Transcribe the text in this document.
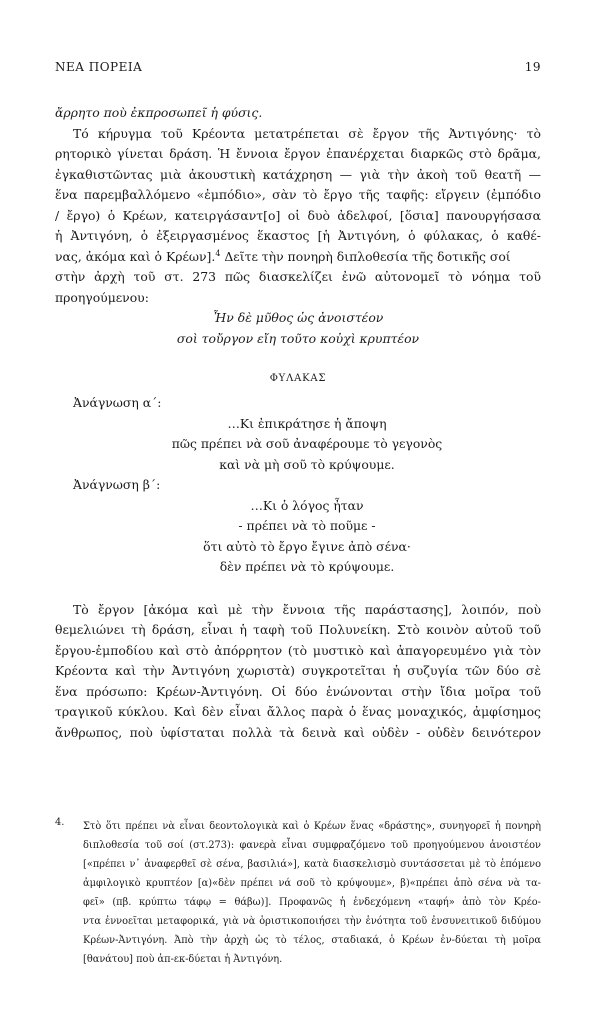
ΝΕΑ ΠΟΡΕΙΑ	19
ἄρρητο ποὺ ἐκπροσωπεῖ ἡ φύσις.
Τό κήρυγμα τοῦ Κρέοντα μετατρέπεται σὲ ἔργον τῆς Ἀντιγόνης· τὸ
ρητορικὸ γίνεται δράση. Ἡ ἔννοια ἔργον ἐπανέρχεται διαρκῶς στὸ δρᾶμα,
ἐγκαθιστῶντας μιὰ ἀκουστικὴ κατάχρηση — γιὰ τὴν ἀκοὴ τοῦ θεατῆ —
ἕνα παρεμβαλλόμενο «ἐμπόδιο», σὰν τὸ ἔργο τῆς ταφῆς: εἴργειν (ἐμπόδιο
/ ἔργο) ὁ Κρέων, κατειργάσαντ[ο] οἱ δυὸ ἀδελφοί, [ὅσια] πανουργήσασα
ἡ Ἀντιγόνη, ὁ ἐξειργασμένος ἕκαστος [ἡ Ἀντιγόνη, ὁ φύλακας, ὁ καθέ-
νας, ἀκόμα καὶ ὁ Κρέων].$^4$ Δεῖτε τὴν πονηρὴ διπλοθεσία τῆς δοτικῆς σοί
στὴν ἀρχὴ τοῦ στ. 273 πῶς διασκελίζει ἐνῶ αὐτονομεῖ τὸ νόημα τοῦ
προηγούμενου:
Ἦν δὲ μῦθος ὡς ἀνοιστέον
σοὶ τοὔργον εἴη τοῦτο κοὐχὶ κρυπτέον
ΦΥΛΑΚΑΣ
Ἀνάγνωση α΄:
…Κι ἐπικράτησε ἡ ἄποψη
πῶς πρέπει νὰ σοῦ ἀναφέρουμε τὸ γεγονὸς
καὶ νὰ μὴ σοῦ τὸ κρύψουμε.
Ἀνάγνωση β΄:
…Κι ὁ λόγος ἦταν
- πρέπει νὰ τὸ ποῦμε -
ὅτι αὐτὸ τὸ ἔργο ἔγινε ἀπὸ σένα·
δὲν πρέπει νὰ τὸ κρύψουμε.
Τὸ ἔργον [ἀκόμα καὶ μὲ τὴν ἔννοια τῆς παράστασης], λοιπόν, ποὺ
θεμελιώνει τὴ δράση, εἶναι ἡ ταφὴ τοῦ Πολυνείκη. Στὸ κοινὸν αὐτοῦ τοῦ
ἔργου-ἐμποδίου καὶ στὸ ἀπόρρητον (τὸ μυστικὸ καὶ ἀπαγορευμένο γιὰ τὸν
Κρέοντα καὶ τὴν Ἀντιγόνη χωριστὰ) συγκροτεῖται ἡ συζυγία τῶν δύο σὲ
ἕνα πρόσωπο: Κρέων-Ἀντιγόνη. Οἱ δύο ἑνώνονται στὴν ἴδια μοῖρα τοῦ
τραγικοῦ κύκλου. Καὶ δὲν εἶναι ἄλλος παρὰ ὁ ἕνας μοναχικός, ἀμφίσημος
ἄνθρωπος, ποὺ ὑφίσταται πολλὰ τὰ δεινὰ καὶ οὐδὲν - οὐδὲν δεινότερον
4. Στὸ ὅτι πρέπει νὰ εἶναι δεοντολογικὰ καὶ ὁ Κρέων ἕνας «δράστης», συνηγορεῖ ἡ πονηρὴ
διπλοθεσία τοῦ σοί (στ.273): φανερὰ εἶναι συμφραζόμενο τοῦ προηγούμενου ἀνοιστέον
[«πρέπει ν᾿ ἀναφερθεῖ σὲ σένα, βασιλιά»], κατὰ διασκελισμὸ συντάσσεται μὲ τὸ ἑπόμενο
ἀμφιλογικὸ κρυπτέον [α)«δὲν πρέπει νά σοῦ τὸ κρύψουμε», β)«πρέπει ἀπὸ σένα νὰ τα-
φεῖ» (πβ. κρύπτω τάφῳ = θάβω)]. Προφανῶς ἡ ἐνδεχόμενη «ταφή» ἀπὸ τὸν Κρέο-
ντα ἐννοεῖται μεταφορικά, γιὰ νὰ ὁριστικοποιήσει τὴν ἑνότητα τοῦ ἐνσυνειτικοῦ διδύμου
Κρέων-Ἀντιγόνη. Ἀπὸ τὴν ἀρχὴ ὡς τὸ τέλος, σταδιακά, ὁ Κρέων ἐν-δύεται τὴ μοῖρα
[θανάτου] ποὺ ἀπ-εκ-δύεται ἡ Ἀντιγόνη.
